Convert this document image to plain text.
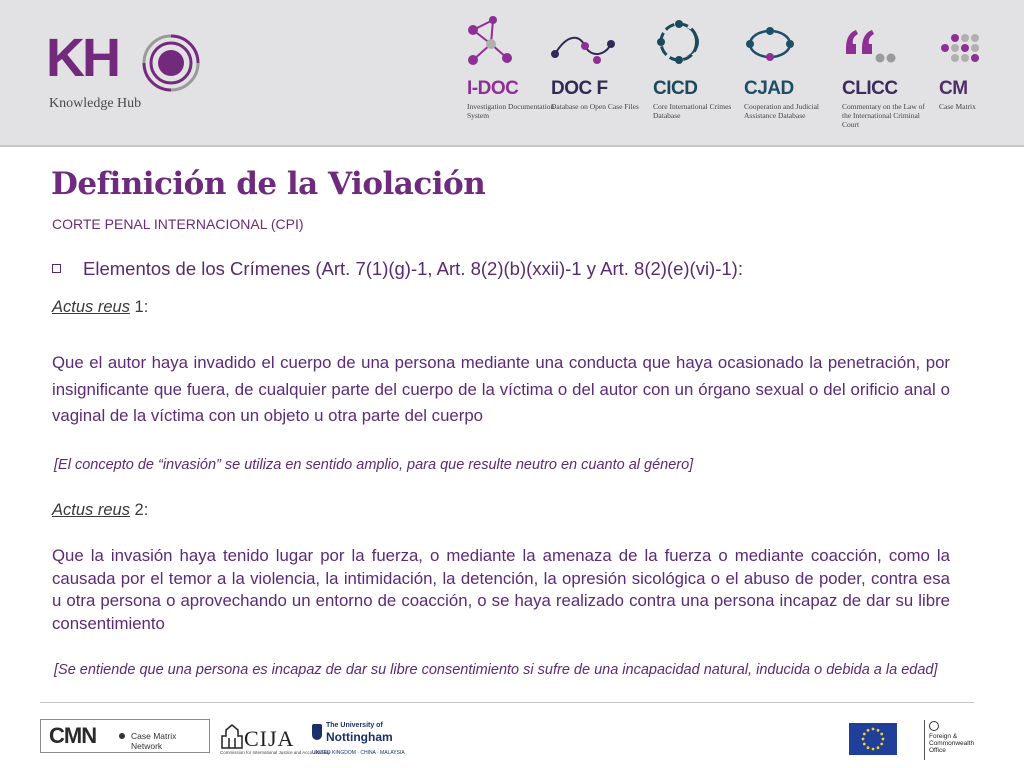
KH
Knowledge Hub
I-DOC
Investigation Documentation System
DOC F
Database on Open Case Files
CICD
Core International Crimes Database
CJAD
Cooperation and Judicial Assistance Database
CLICC
Commentary on the Law of the International Criminal Court
CM
Case Matrix
Definición de la Violación
CORTE PENAL INTERNACIONAL (CPI)
Elementos de los Crímenes (Art. 7(1)(g)-1, Art. 8(2)(b)(xxii)-1 y Art. 8(2)(e)(vi)-1):
Actus reus 1:
Que el autor haya invadido el cuerpo de una persona mediante una conducta que haya ocasionado la penetración, por insignificante que fuera, de cualquier parte del cuerpo de la víctima o del autor con un órgano sexual o del orificio anal o vaginal de la víctima con un objeto u otra parte del cuerpo
[El concepto de “invasión” se utiliza en sentido amplio, para que resulte neutro en cuanto al género]
Actus reus 2:
Que la invasión haya tenido lugar por la fuerza, o mediante la amenaza de la fuerza o mediante coacción, como la causada por el temor a la violencia, la intimidación, la detención, la opresión sicológica o el abuso de poder, contra esa u otra persona o aprovechando un entorno de coacción, o se haya realizado contra una persona incapaz de dar su libre consentimiento
[Se entiende que una persona es incapaz de dar su libre consentimiento si sufre de una incapacidad natural, inducida o debida a la edad]
CMN	Case Matrix Network	CIJA
Commission for International Justice and Accountability
The University of
Nottingham
UNITED KINGDOM · CHINA · MALAYSIA
Foreign &
Commonwealth
Office
